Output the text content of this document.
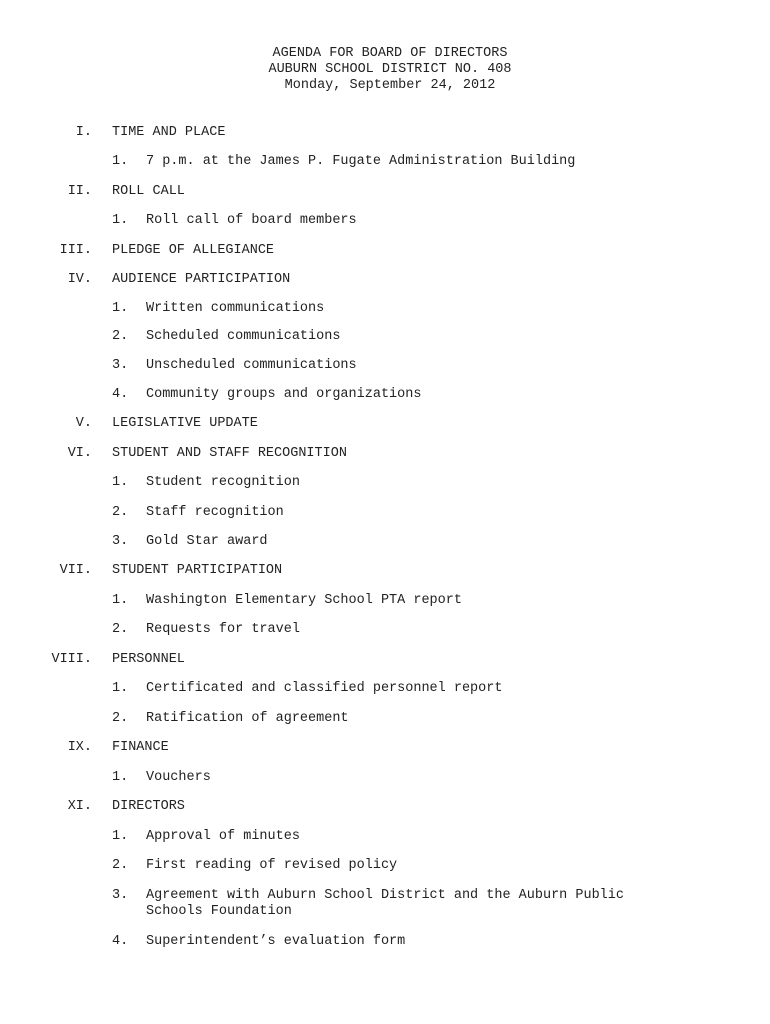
AGENDA FOR BOARD OF DIRECTORS
AUBURN SCHOOL DISTRICT NO. 408
Monday, September 24, 2012
I. TIME AND PLACE
1. 7 p.m. at the James P. Fugate Administration Building
II. ROLL CALL
1. Roll call of board members
III. PLEDGE OF ALLEGIANCE
IV. AUDIENCE PARTICIPATION
1. Written communications
2. Scheduled communications
3. Unscheduled communications
4. Community groups and organizations
V. LEGISLATIVE UPDATE
VI. STUDENT AND STAFF RECOGNITION
1. Student recognition
2. Staff recognition
3. Gold Star award
VII. STUDENT PARTICIPATION
1. Washington Elementary School PTA report
2. Requests for travel
VIII. PERSONNEL
1. Certificated and classified personnel report
2. Ratification of agreement
IX. FINANCE
1. Vouchers
XI. DIRECTORS
1. Approval of minutes
2. First reading of revised policy
3. Agreement with Auburn School District and the Auburn Public
Schools Foundation
4. Superintendent’s evaluation form
